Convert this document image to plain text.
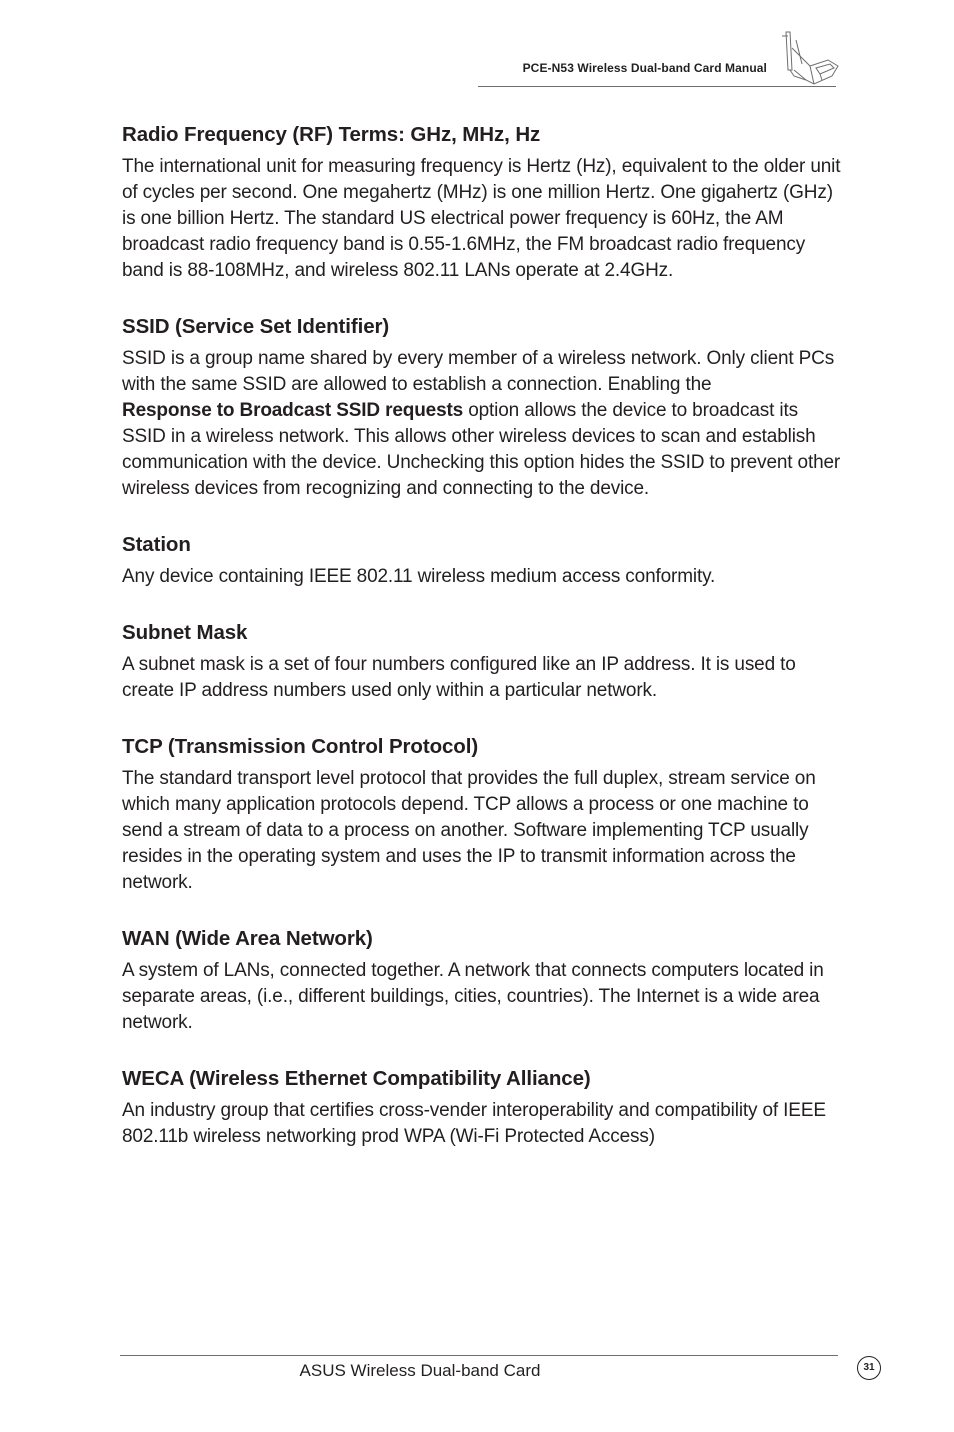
PCE-N53 Wireless Dual-band Card Manual
Radio Frequency (RF) Terms: GHz, MHz, Hz

The international unit for measuring frequency is Hertz (Hz), equivalent to the older unit of cycles per second. One megahertz (MHz) is one million Hertz. One gigahertz (GHz) is one billion Hertz. The standard US electrical power frequency is 60Hz, the AM broadcast radio frequency band is 0.55-1.6MHz, the FM broadcast radio frequency band is 88-108MHz, and wireless 802.11 LANs operate at 2.4GHz.

SSID (Service Set Identifier)

SSID is a group name shared by every member of a wireless network. Only client PCs with the same SSID are allowed to establish a connection. Enabling the
Response to Broadcast SSID requests option allows the device to broadcast its SSID in a wireless network. This allows other wireless devices to scan and establish communication with the device. Unchecking this option hides the SSID to prevent other wireless devices from recognizing and connecting to the device.

Station

Any device containing IEEE 802.11 wireless medium access conformity.

Subnet Mask

A subnet mask is a set of four numbers configured like an IP address. It is used to create IP address numbers used only within a particular network.

TCP (Transmission Control Protocol)

The standard transport level protocol that provides the full duplex, stream service on which many application protocols depend. TCP allows a process or one machine to send a stream of data to a process on another. Software implementing TCP usually resides in the operating system and uses the IP to transmit information across the network.

WAN (Wide Area Network)

A system of LANs, connected together. A network that connects computers located in separate areas, (i.e., different buildings, cities, countries). The Internet is a wide area network.

WECA (Wireless Ethernet Compatibility Alliance)

An industry group that certifies cross-vender interoperability and compatibility of IEEE 802.11b wireless networking prod WPA (Wi-Fi Protected Access)

ASUS Wireless Dual-band Card	31
